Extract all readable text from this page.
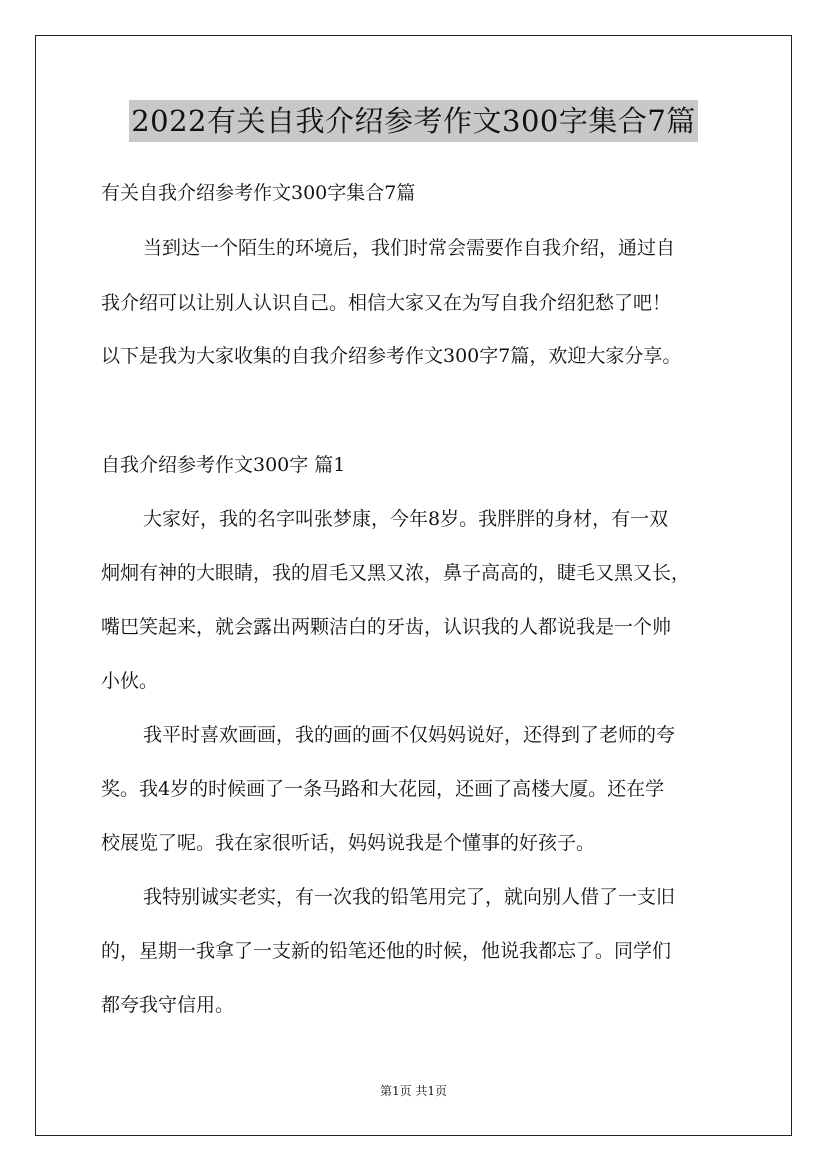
2022有关自我介绍参考作文300字集合7篇
有关自我介绍参考作文300字集合7篇
当到达一个陌生的环境后，我们时常会需要作自我介绍，通过自
我介绍可以让别人认识自己。相信大家又在为写自我介绍犯愁了吧！
以下是我为大家收集的自我介绍参考作文300字7篇，欢迎大家分享。
自我介绍参考作文300字 篇1
大家好，我的名字叫张梦康，今年8岁。我胖胖的身材，有一双
炯炯有神的大眼睛，我的眉毛又黑又浓，鼻子高高的，睫毛又黑又长，
嘴巴笑起来，就会露出两颗洁白的牙齿，认识我的人都说我是一个帅
小伙。
我平时喜欢画画，我的画的画不仅妈妈说好，还得到了老师的夸
奖。我4岁的时候画了一条马路和大花园，还画了高楼大厦。还在学
校展览了呢。我在家很听话，妈妈说我是个懂事的好孩子。
我特别诚实老实，有一次我的铅笔用完了，就向别人借了一支旧
的，星期一我拿了一支新的铅笔还他的时候，他说我都忘了。同学们
都夸我守信用。
第1页 共1页
